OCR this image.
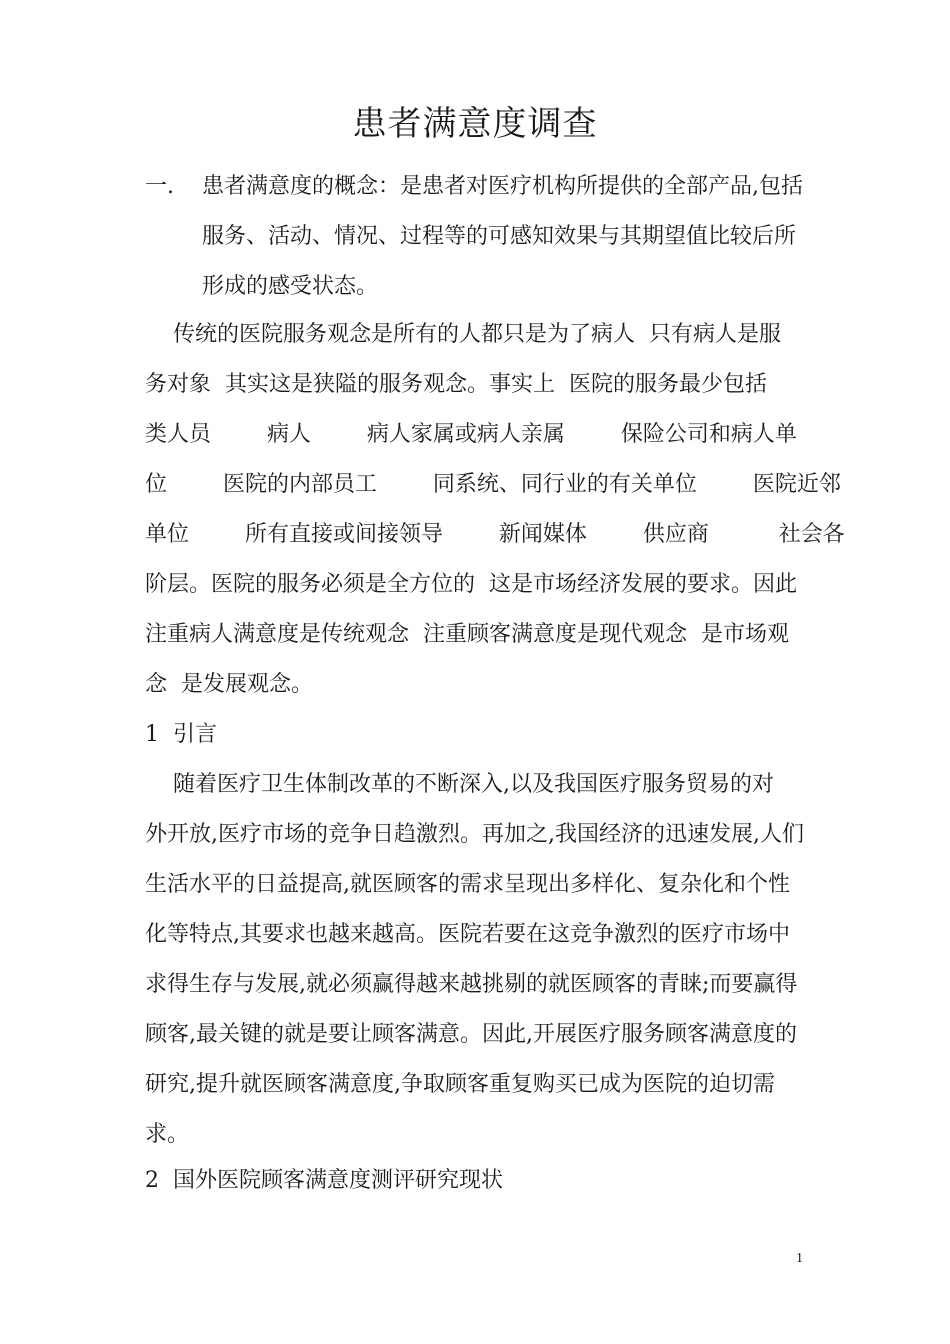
患者满意度调查
一. 患者满意度的概念：是患者对医疗机构所提供的全部产品,包括

服务、活动、情况、过程等的可感知效果与其期望值比较后所

形成的感受状态。

传统的医院服务观念是所有的人都只是为了病人  只有病人是服

务对象  其实这是狭隘的服务观念。事实上  医院的服务最少包括

类人员        病人        病人家属或病人亲属        保险公司和病人单

位        医院的内部员工        同系统、同行业的有关单位        医院近邻

单位        所有直接或间接领导        新闻媒体        供应商          社会各

阶层。医院的服务必须是全方位的  这是市场经济发展的要求。因此

注重病人满意度是传统观念  注重顾客满意度是现代观念  是市场观

念  是发展观念。

1  引言

随着医疗卫生体制改革的不断深入,以及我国医疗服务贸易的对

外开放,医疗市场的竞争日趋激烈。再加之,我国经济的迅速发展,人们

生活水平的日益提高,就医顾客的需求呈现出多样化、复杂化和个性

化等特点,其要求也越来越高。医院若要在这竞争激烈的医疗市场中

求得生存与发展,就必须赢得越来越挑剔的就医顾客的青睐;而要赢得

顾客,最关键的就是要让顾客满意。因此,开展医疗服务顾客满意度的

研究,提升就医顾客满意度,争取顾客重复购买已成为医院的迫切需

求。

2  国外医院顾客满意度测评研究现状

1
